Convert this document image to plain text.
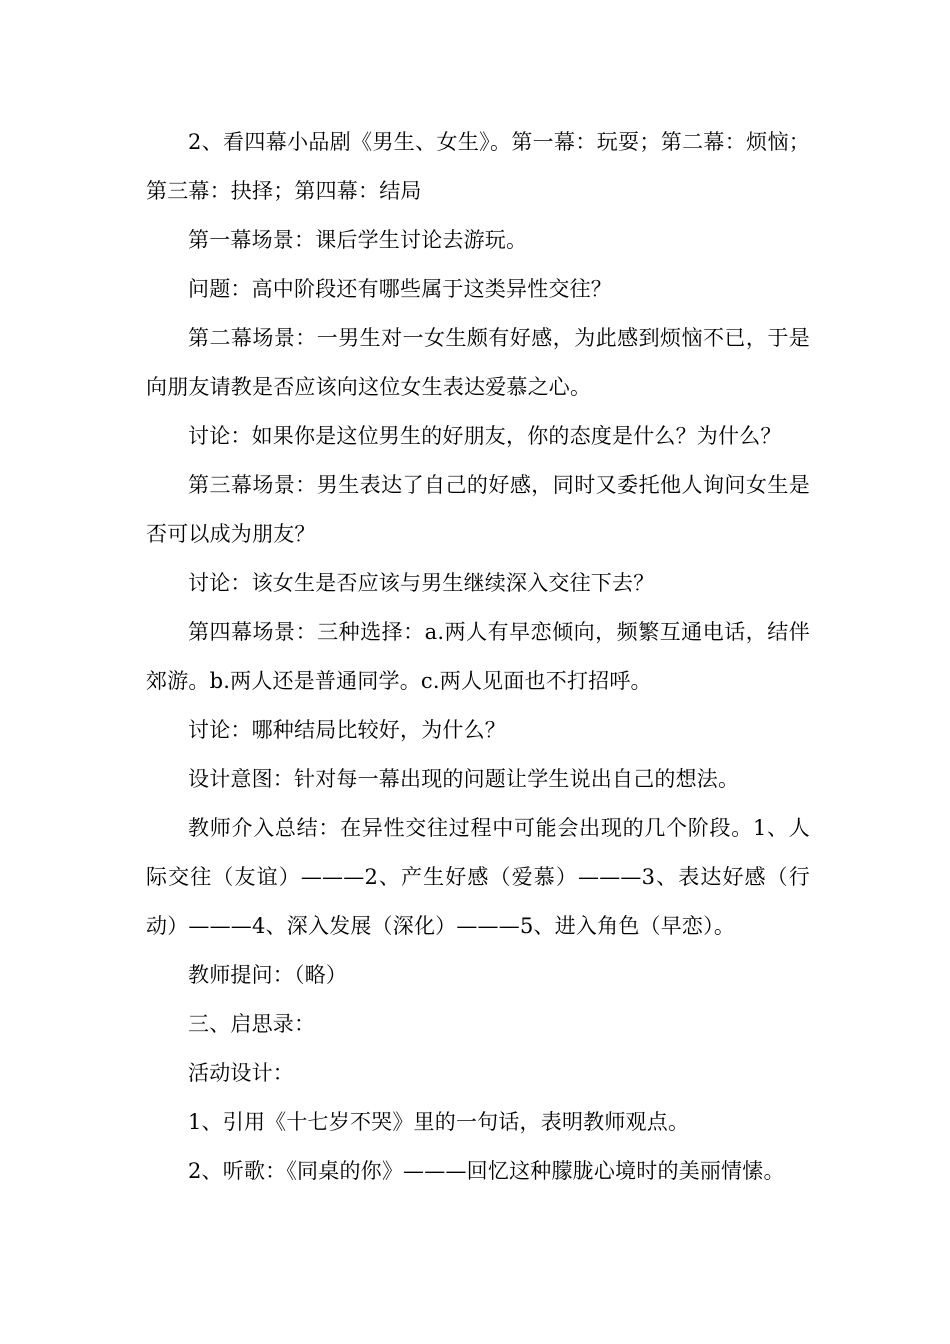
2、看四幕小品剧《男生、女生》。第一幕：玩耍；第二幕：烦恼；第三幕：抉择；第四幕：结局

第一幕场景：课后学生讨论去游玩。

问题：高中阶段还有哪些属于这类异性交往？

第二幕场景：一男生对一女生颇有好感，为此感到烦恼不已，于是向朋友请教是否应该向这位女生表达爱慕之心。

讨论：如果你是这位男生的好朋友，你的态度是什么？为什么？

第三幕场景：男生表达了自己的好感，同时又委托他人询问女生是否可以成为朋友？

讨论：该女生是否应该与男生继续深入交往下去？

第四幕场景：三种选择：a.两人有早恋倾向，频繁互通电话，结伴郊游。b.两人还是普通同学。c.两人见面也不打招呼。

讨论：哪种结局比较好，为什么？

设计意图：针对每一幕出现的问题让学生说出自己的想法。

教师介入总结：在异性交往过程中可能会出现的几个阶段。1、人际交往（友谊）———2、产生好感（爱慕）———3、表达好感（行动）———4、深入发展（深化）———5、进入角色（早恋）。

教师提问：（略）

三、启思录：

活动设计：

1、引用《十七岁不哭》里的一句话，表明教师观点。

2、听歌：《同桌的你》———回忆这种朦胧心境时的美丽情愫。
